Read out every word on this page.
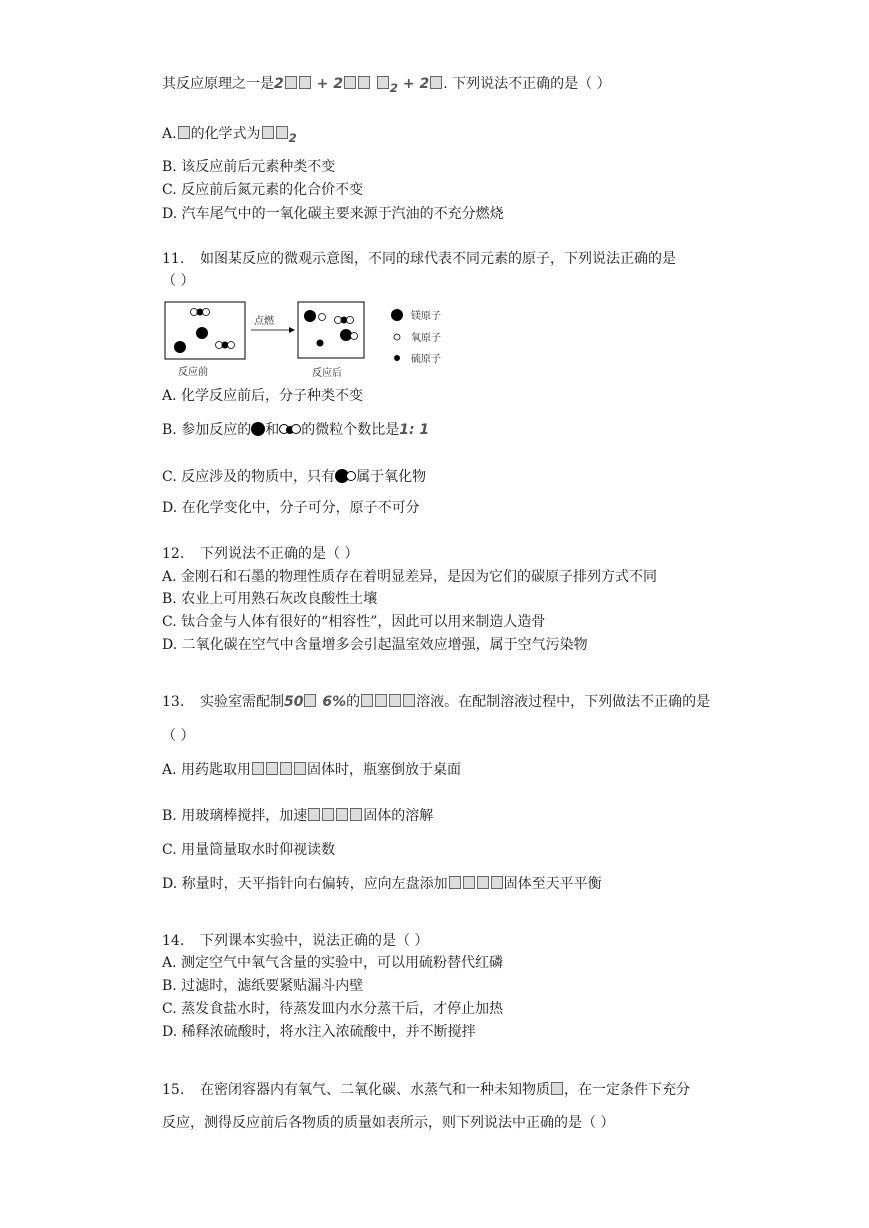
其反应原理之一是2 + 2	$_2$ + 2 . 下列说法不正确的是（ ）
A. 的化学式为 $_2$
B. 该反应前后元素种类不变
C. 反应前后氮元素的化合价不变
D. 汽车尾气中的一氧化碳主要来源于汽油的不充分燃烧
11. 如图某反应的微观示意图，不同的球代表不同元素的原子，下列说法正确的是
（ ）
点燃	镁原子
氧原子
硫原子
反应前	反应后
A. 化学反应前后，分子种类不变
B. 参加反应的 和 的微粒个数比是1: 1
C. 反应涉及的物质中，只有 属于氧化物
D. 在化学变化中，分子可分，原子不可分
12. 下列说法不正确的是（ ）
A. 金刚石和石墨的物理性质存在着明显差异，是因为它们的碳原子排列方式不同
B. 农业上可用熟石灰改良酸性土壤
C. 钛合金与人体有很好的“相容性”，因此可以用来制造人造骨
D. 二氧化碳在空气中含量增多会引起温室效应增强，属于空气污染物
13. 实验室需配制50 6%的	溶液。在配制溶液过程中，下列做法不正确的是
（ ）
A. 用药匙取用	固体时，瓶塞倒放于桌面
B. 用玻璃棒搅拌，加速	固体的溶解
C. 用量筒量取水时仰视读数
D. 称量时，天平指针向右偏转，应向左盘添加	固体至天平平衡
14. 下列课本实验中，说法正确的是（ ）
A. 测定空气中氧气含量的实验中，可以用硫粉替代红磷
B. 过滤时，滤纸要紧贴漏斗内壁
C. 蒸发食盐水时，待蒸发皿内水分蒸干后，才停止加热
D. 稀释浓硫酸时，将水注入浓硫酸中，并不断搅拌
15. 在密闭容器内有氧气、二氧化碳、水蒸气和一种未知物质 ，在一定条件下充分
反应，测得反应前后各物质的质量如表所示，则下列说法中正确的是（ ）
